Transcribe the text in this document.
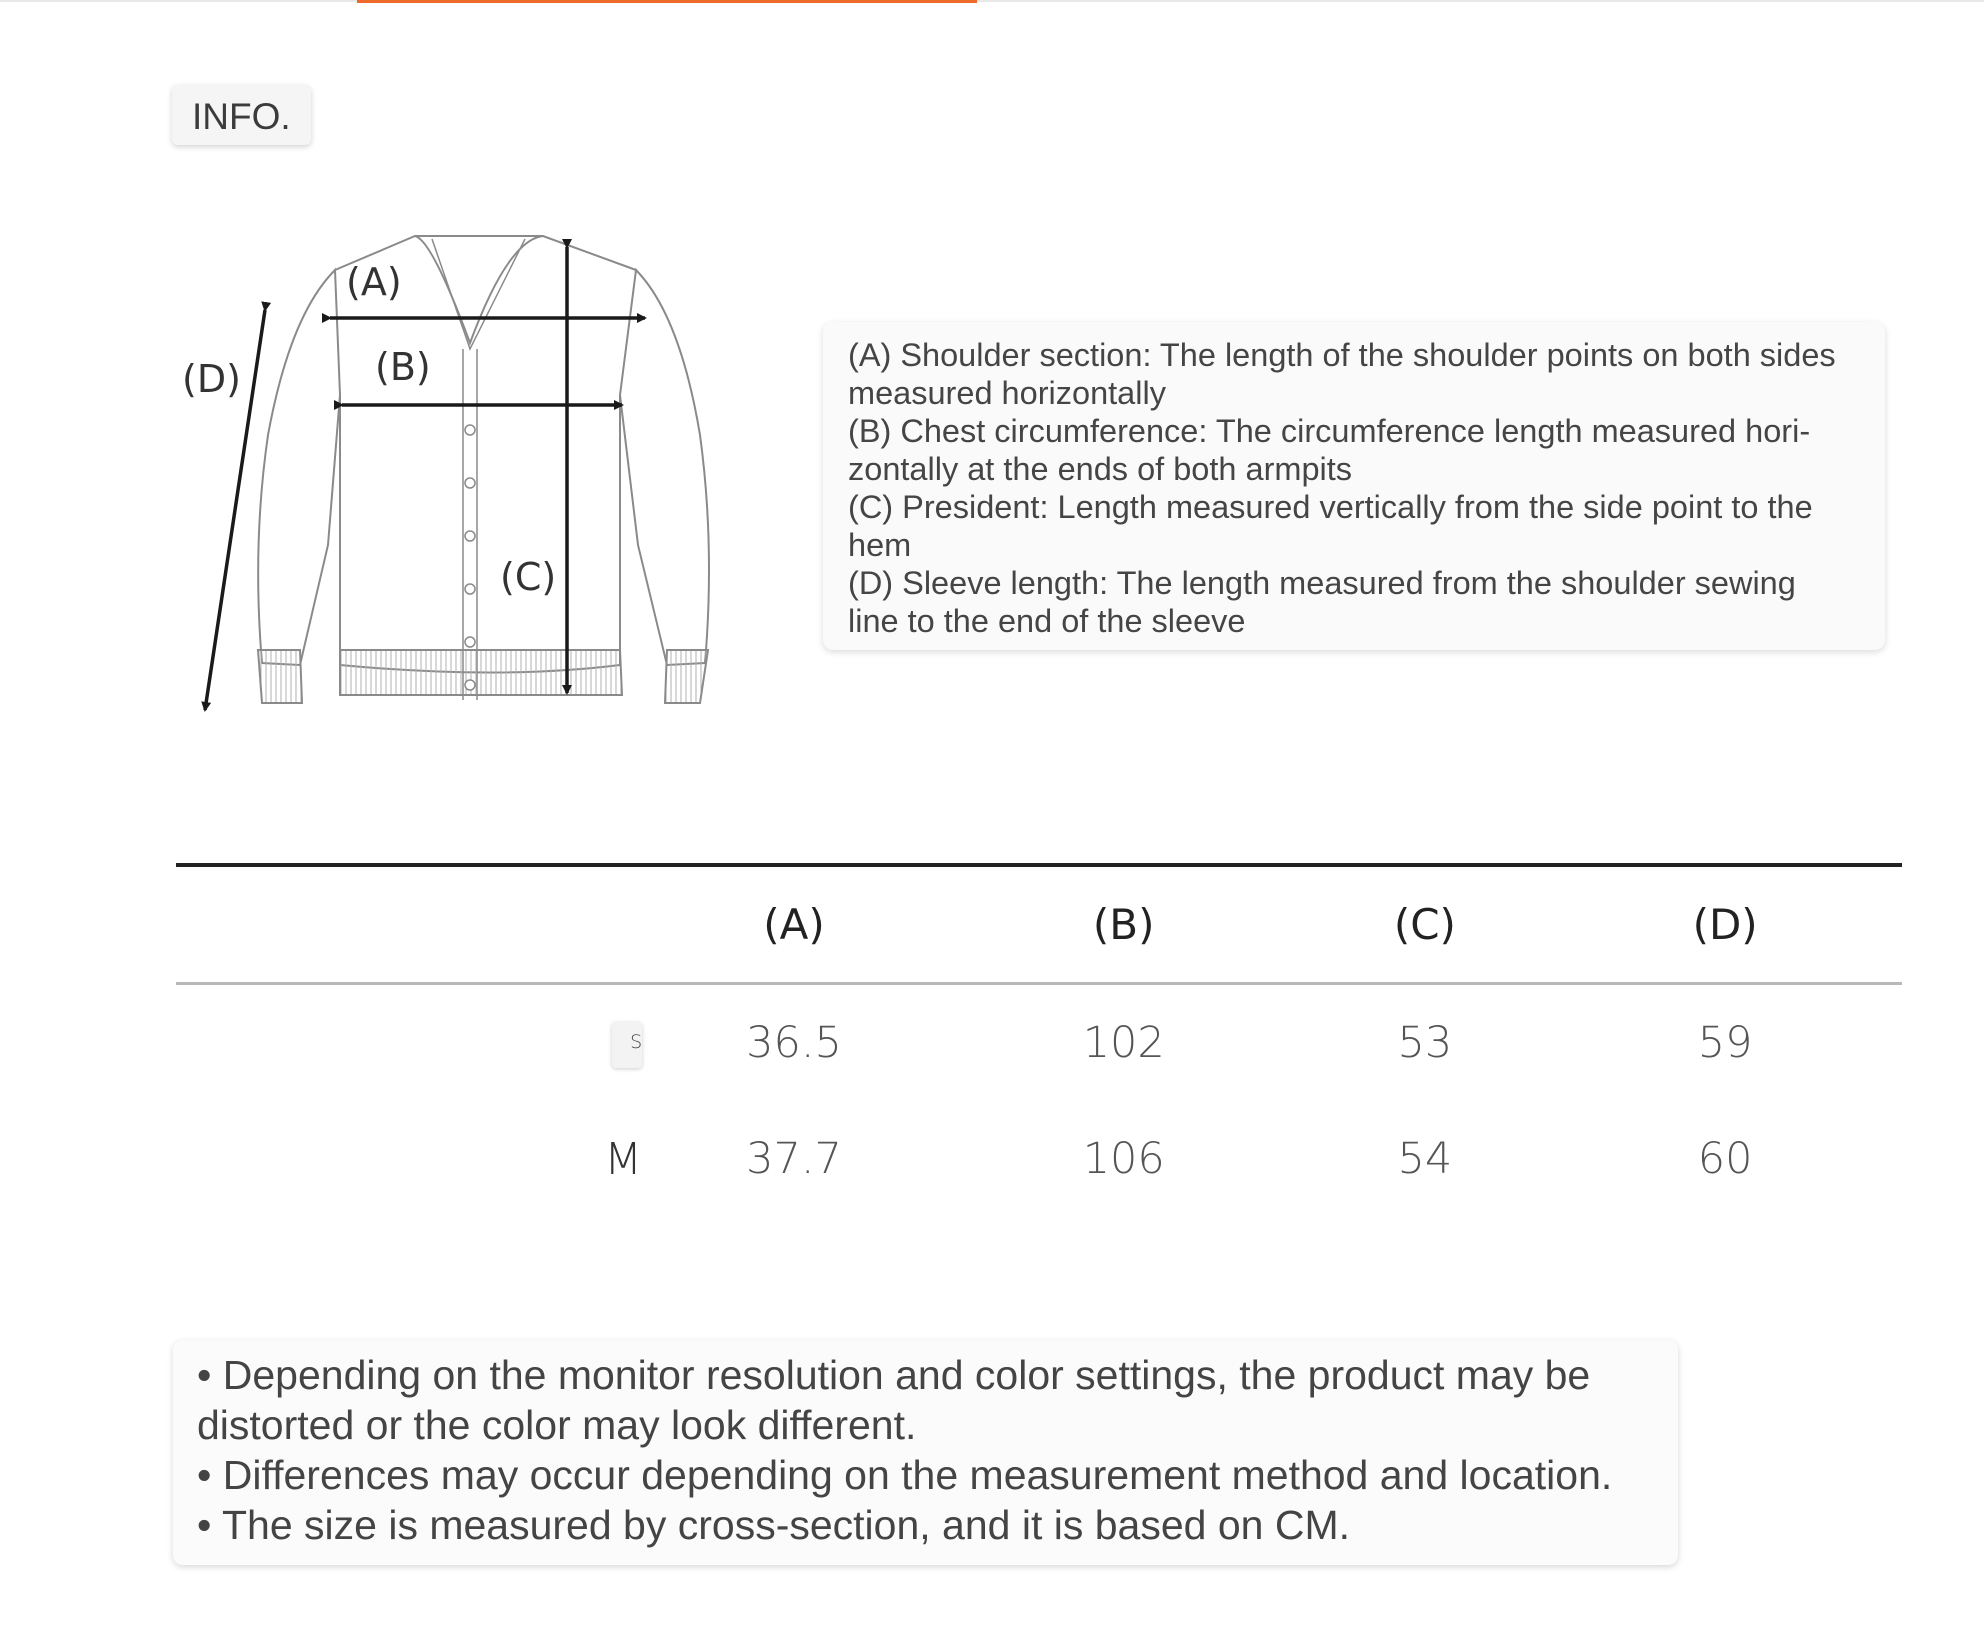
INFO.
(A)
(B)
(C)
(D)
(A) Shoulder section: The length of the shoulder points on both sides
measured horizontally
(B) Chest circumference: The circumference length measured hori-
zontally at the ends of both armpits
(C) President: Length measured vertically from the side point to the
hem
(D) Sleeve length: The length measured from the shoulder sewing
line to the end of the sleeve
	(A)	(B)	(C)	(D)
S	36.5	102	53	59
M	37.7	106	54	60
• Depending on the monitor resolution and color settings, the product may be
distorted or the color may look different.
• Differences may occur depending on the measurement method and location.
• The size is measured by cross-section, and it is based on CM.
